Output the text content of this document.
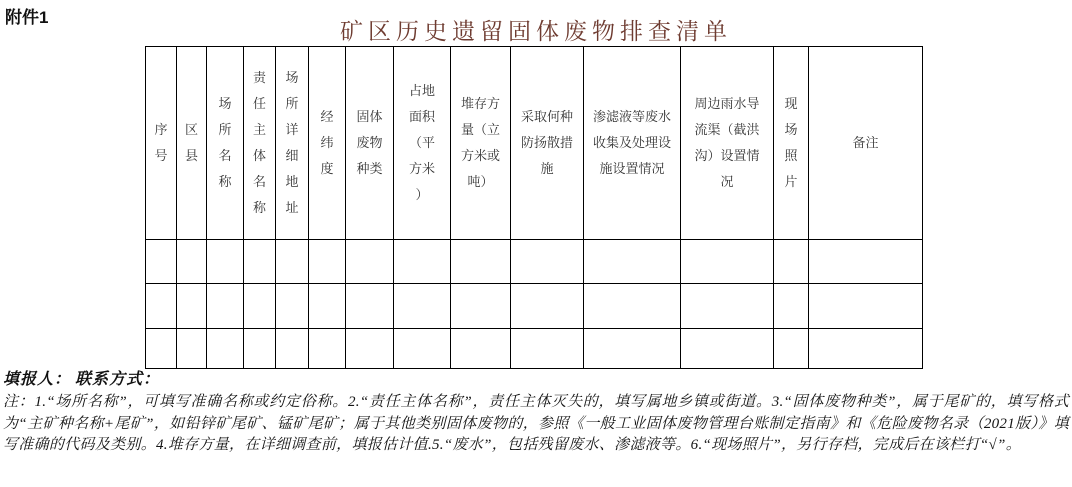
附件1
矿区历史遗留固体废物排查清单
序号	区县	场所名称	责任主体名称	场所详细地址	经纬度	固体废物种类	占地面积（平方米）	堆存方量（立方米或吨）	采取何种防扬散措施	渗滤液等废水收集及处理设施设置情况	周边雨水导流渠（截洪沟）设置情况	现场照片	备注

填报人： 联系方式：

注：1.“场所名称”，可填写准确名称或约定俗称。2.“责任主体名称”，责任主体灭失的，填写属地乡镇或街道。3.“固体废物种类”，属于尾矿的，填写格式为“主矿种名称+尾矿”，如铅锌矿尾矿、锰矿尾矿；属于其他类别固体废物的，参照《一般工业固体废物管理台账制定指南》和《危险废物名录（2021版）》填写准确的代码及类别。4.堆存方量，在详细调查前，填报估计值.5.“废水”，包括残留废水、渗滤液等。6.“现场照片”，另行存档，完成后在该栏打“√”。
